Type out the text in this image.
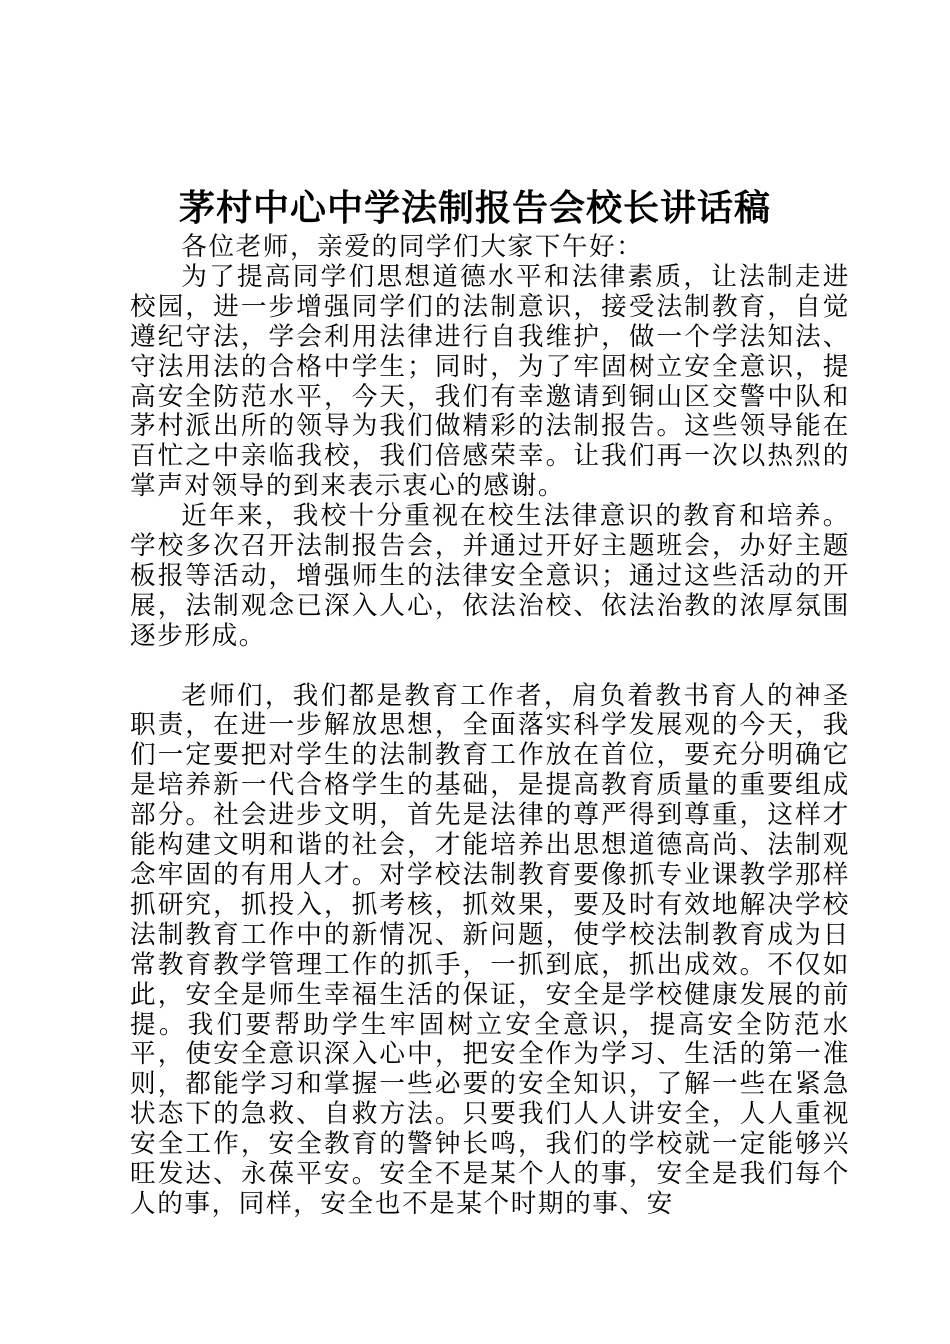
茅村中心中学法制报告会校长讲话稿

各位老师，亲爱的同学们大家下午好：

为了提高同学们思想道德水平和法律素质，让法制走进校园，进一步增强同学们的法制意识，接受法制教育，自觉遵纪守法，学会利用法律进行自我维护，做一个学法知法、守法用法的合格中学生；同时，为了牢固树立安全意识，提高安全防范水平，今天，我们有幸邀请到铜山区交警中队和茅村派出所的领导为我们做精彩的法制报告。这些领导能在百忙之中亲临我校，我们倍感荣幸。让我们再一次以热烈的掌声对领导的到来表示衷心的感谢。

近年来，我校十分重视在校生法律意识的教育和培养。学校多次召开法制报告会，并通过开好主题班会，办好主题板报等活动，增强师生的法律安全意识；通过这些活动的开展，法制观念已深入人心，依法治校、依法治教的浓厚氛围逐步形成。

老师们，我们都是教育工作者，肩负着教书育人的神圣职责，在进一步解放思想，全面落实科学发展观的今天，我们一定要把对学生的法制教育工作放在首位，要充分明确它是培养新一代合格学生的基础，是提高教育质量的重要组成部分。社会进步文明，首先是法律的尊严得到尊重，这样才能构建文明和谐的社会，才能培养出思想道德高尚、法制观念牢固的有用人才。对学校法制教育要像抓专业课教学那样抓研究，抓投入，抓考核，抓效果，要及时有效地解决学校法制教育工作中的新情况、新问题，使学校法制教育成为日常教育教学管理工作的抓手，一抓到底，抓出成效。不仅如此，安全是师生幸福生活的保证，安全是学校健康发展的前提。我们要帮助学生牢固树立安全意识，提高安全防范水平，使安全意识深入心中，把安全作为学习、生活的第一准则，都能学习和掌握一些必要的安全知识，了解一些在紧急状态下的急救、自救方法。只要我们人人讲安全，人人重视安全工作，安全教育的警钟长鸣，我们的学校就一定能够兴旺发达、永葆平安。安全不是某个人的事，安全是我们每个人的事，同样，安全也不是某个时期的事、安
